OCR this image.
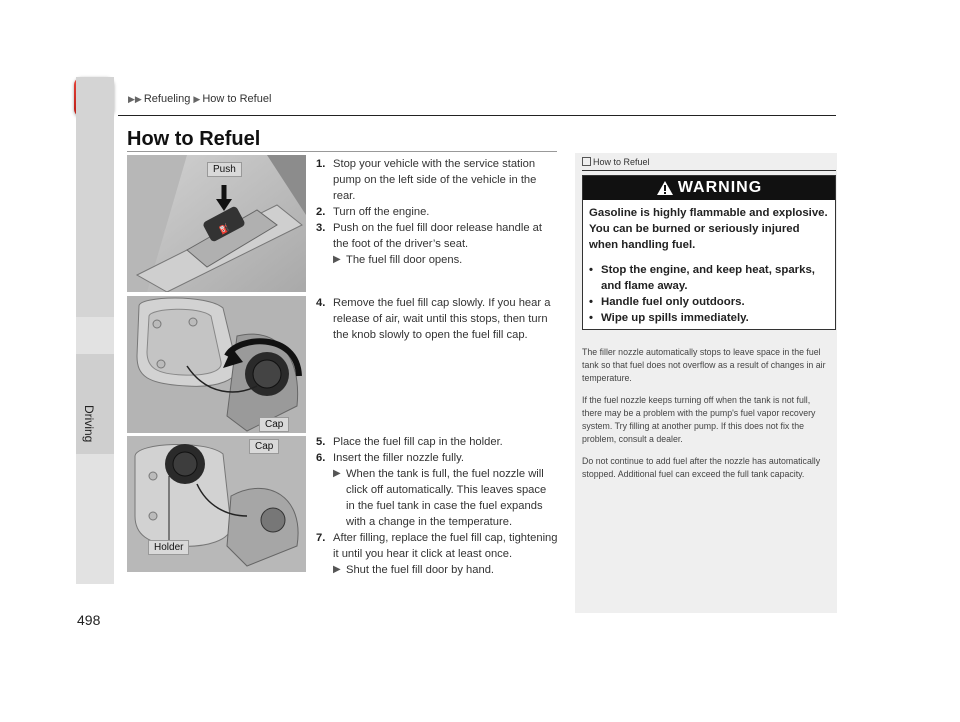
▶▶ Refueling ▶ How to Refuel
Driving
498
How to Refuel
⛽
Push
Cap
Cap
Holder
1. Stop your vehicle with the service station pump on the left side of the vehicle in the rear.
2. Turn off the engine.
3. Push on the fuel fill door release handle at the foot of the driver’s seat.
▶ The fuel fill door opens.
4. Remove the fuel fill cap slowly. If you hear a release of air, wait until this stops, then turn the knob slowly to open the fuel fill cap.
5. Place the fuel fill cap in the holder.
6. Insert the filler nozzle fully.
▶ When the tank is full, the fuel nozzle will click off automatically. This leaves space in the fuel tank in case the fuel expands with a change in the temperature.
7. After filling, replace the fuel fill cap, tightening it until you hear it click at least once.
▶ Shut the fuel fill door by hand.
How to Refuel
WARNING
Gasoline is highly flammable and explosive. You can be burned or seriously injured when handling fuel.
• Stop the engine, and keep heat, sparks, and flame away.
• Handle fuel only outdoors.
• Wipe up spills immediately.

The filler nozzle automatically stops to leave space in the fuel tank so that fuel does not overflow as a result of changes in air temperature.

If the fuel nozzle keeps turning off when the tank is not full, there may be a problem with the pump's fuel vapor recovery system. Try filling at another pump. If this does not fix the problem, consult a dealer.

Do not continue to add fuel after the nozzle has automatically stopped. Additional fuel can exceed the full tank capacity.
